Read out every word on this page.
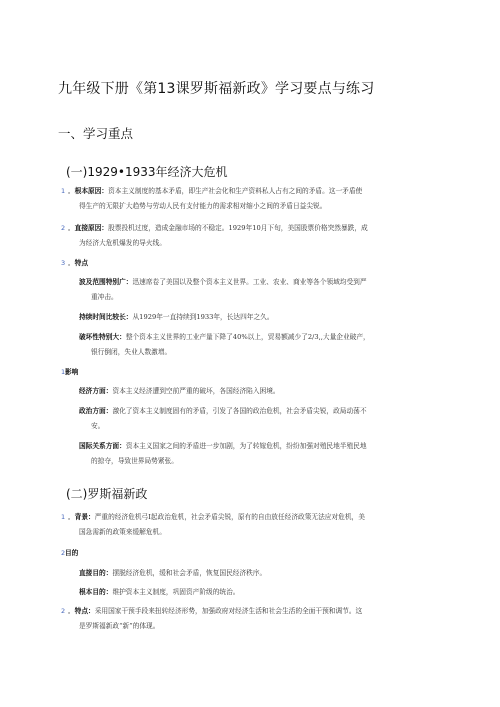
九年级下册《第13课罗斯福新政》学习要点与练习
一、学习重点
(一)1929•1933年经济大危机
1 ．根本原因：资本主义制度的基本矛盾，即生产社会化和生产资料私人占有之间的矛盾。这一矛盾使

得生产的无限扩大趋势与劳动人民有支付能力的需求相对缩小之间的矛盾日益尖锐。

2 ．直接原因：股票投机过度，造成金融市场的不稳定。1929年10月下旬，美国股票价格突然暴跌，成

为经济大危机爆发的导火线。

3 ．特点

波及范围特别广：迅速席卷了美国以及整个资本主义世界。工业、农业、商业等各个领域均受到严

重冲击。

持续时间比较长：从1929年一直持续到1933年，长达四年之久。

破坏性特别大：整个资本主义世界的工业产量下降了40%以上，贸易额减少了2/3,,大量企业破产，

银行倒闭，失业人数激增。

1 影响

经济方面：资本主义经济遭到空前严重的破坏，各国经济陷入困境。

政治方面：激化了资本主义制度固有的矛盾，引发了各国的政治危机，社会矛盾尖锐，政局动荡不

安。

国际关系方面：资本主义国家之间的矛盾进一步加剧，为了转嫁危机，纷纷加强对殖民地半殖民地

的掠夺，导致世界局势紧张。

(二)罗斯福新政
1 ．背景：严重的经济危机弓I起政治危机，社会矛盾尖锐，原有的自由放任经济政策无法应对危机，美

国急需新的政策来缓解危机。

2 目的

直接目的：摆脱经济危机，缓和社会矛盾，恢复国民经济秩序。

根本目的：维护资本主义制度，巩固资产阶级的统治。

2 ．特点：采用国家干预手段来扭转经济形势，加强政府对经济生活和社会生活的全面干预和调节。这

是罗斯福新政“新”的体现。
